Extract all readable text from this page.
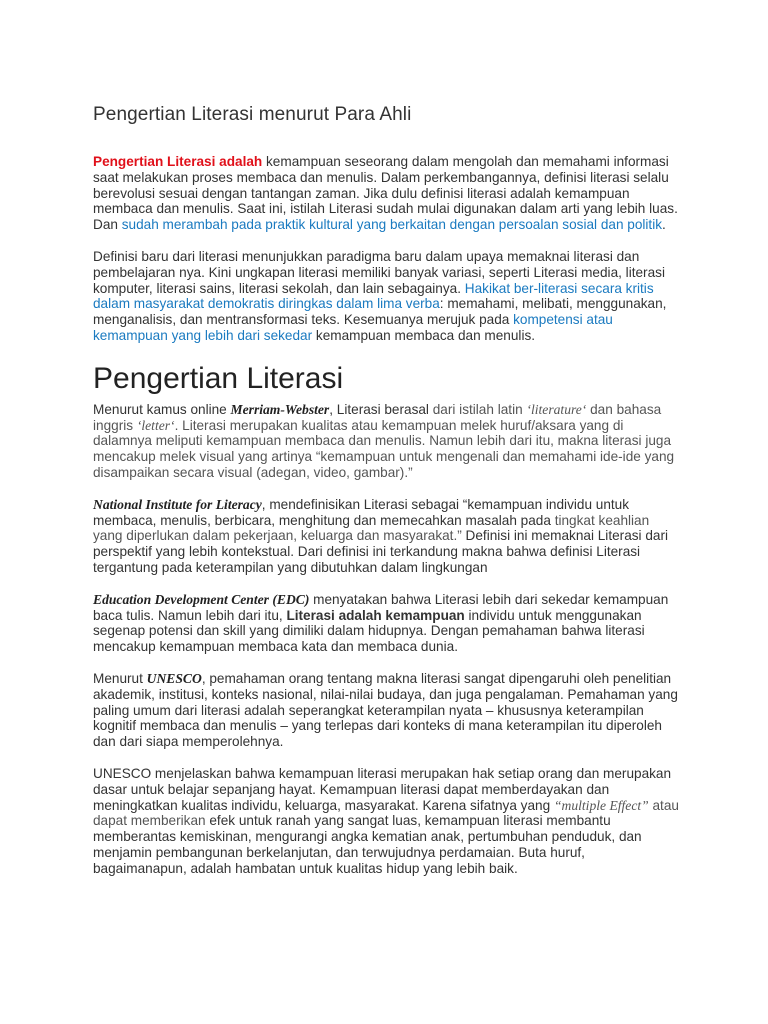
Pengertian Literasi menurut Para Ahli

Pengertian Literasi adalah kemampuan seseorang dalam mengolah dan memahami informasi saat melakukan proses membaca dan menulis. Dalam perkembangannya, definisi literasi selalu berevolusi sesuai dengan tantangan zaman. Jika dulu definisi literasi adalah kemampuan membaca dan menulis. Saat ini, istilah Literasi sudah mulai digunakan dalam arti yang lebih luas. Dan sudah merambah pada praktik kultural yang berkaitan dengan persoalan sosial dan politik.

Definisi baru dari literasi menunjukkan paradigma baru dalam upaya memaknai literasi dan pembelajaran nya. Kini ungkapan literasi memiliki banyak variasi, seperti Literasi media, literasi komputer, literasi sains, literasi sekolah, dan lain sebagainya. Hakikat ber-literasi secara kritis dalam masyarakat demokratis diringkas dalam lima verba: memahami, melibati, menggunakan, menganalisis, dan mentransformasi teks. Kesemuanya merujuk pada kompetensi atau kemampuan yang lebih dari sekedar kemampuan membaca dan menulis.

Pengertian Literasi

Menurut kamus online Merriam-Webster, Literasi berasal dari istilah latin ‘literature‘ dan bahasa inggris ‘letter‘. Literasi merupakan kualitas atau kemampuan melek huruf/aksara yang di dalamnya meliputi kemampuan membaca dan menulis. Namun lebih dari itu, makna literasi juga mencakup melek visual yang artinya “kemampuan untuk mengenali dan memahami ide-ide yang disampaikan secara visual (adegan, video, gambar).”

National Institute for Literacy, mendefinisikan Literasi sebagai “kemampuan individu untuk membaca, menulis, berbicara, menghitung dan memecahkan masalah pada tingkat keahlian yang diperlukan dalam pekerjaan, keluarga dan masyarakat.” Definisi ini memaknai Literasi dari perspektif yang lebih kontekstual. Dari definisi ini terkandung makna bahwa definisi Literasi tergantung pada keterampilan yang dibutuhkan dalam lingkungan

Education Development Center (EDC) menyatakan bahwa Literasi lebih dari sekedar kemampuan baca tulis. Namun lebih dari itu, Literasi adalah kemampuan individu untuk menggunakan segenap potensi dan skill yang dimiliki dalam hidupnya. Dengan pemahaman bahwa literasi mencakup kemampuan membaca kata dan membaca dunia.

Menurut UNESCO, pemahaman orang tentang makna literasi sangat dipengaruhi oleh penelitian akademik, institusi, konteks nasional, nilai-nilai budaya, dan juga pengalaman. Pemahaman yang paling umum dari literasi adalah seperangkat keterampilan nyata – khususnya keterampilan kognitif membaca dan menulis – yang terlepas dari konteks di mana keterampilan itu diperoleh dan dari siapa memperolehnya.

UNESCO menjelaskan bahwa kemampuan literasi merupakan hak setiap orang dan merupakan dasar untuk belajar sepanjang hayat. Kemampuan literasi dapat memberdayakan dan meningkatkan kualitas individu, keluarga, masyarakat. Karena sifatnya yang “multiple Effect” atau dapat memberikan efek untuk ranah yang sangat luas, kemampuan literasi membantu memberantas kemiskinan, mengurangi angka kematian anak, pertumbuhan penduduk, dan menjamin pembangunan berkelanjutan, dan terwujudnya perdamaian. Buta huruf, bagaimanapun, adalah hambatan untuk kualitas hidup yang lebih baik.
